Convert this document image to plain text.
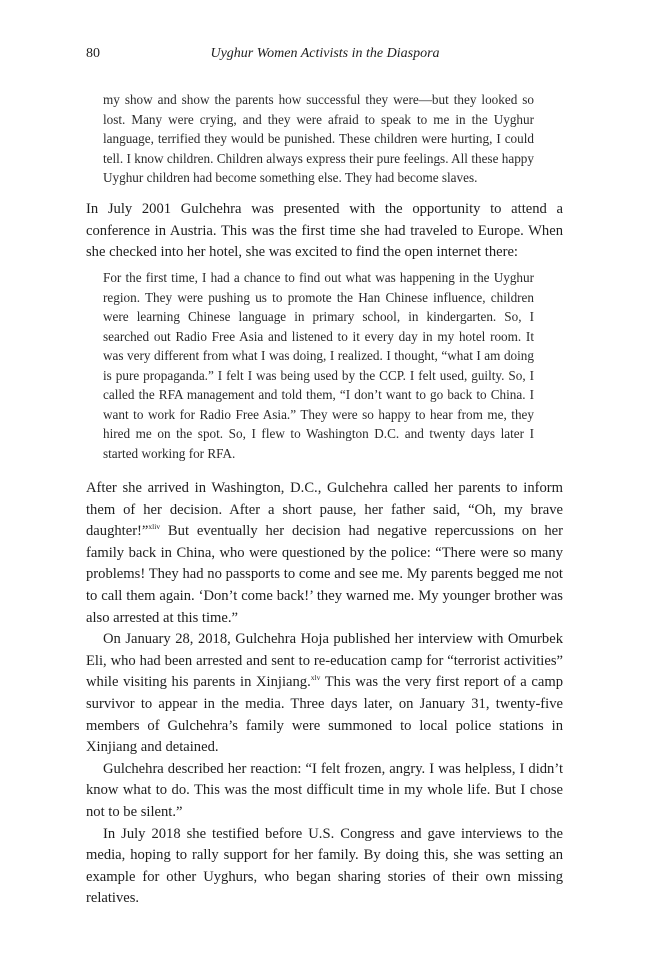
80	Uyghur Women Activists in the Diaspora

my show and show the parents how successful they were—but they looked so lost. Many were crying, and they were afraid to speak to me in the Uyghur language, terrified they would be punished. These children were hurting, I could tell. I know children. Children always express their pure feelings. All these happy Uyghur children had become something else. They had become slaves.

In July 2001 Gulchehra was presented with the opportunity to attend a conference in Austria. This was the first time she had traveled to Europe. When she checked into her hotel, she was excited to find the open internet there:

For the first time, I had a chance to find out what was happening in the Uyghur region. They were pushing us to promote the Han Chinese influence, children were learning Chinese language in primary school, in kindergarten. So, I searched out Radio Free Asia and listened to it every day in my hotel room. It was very different from what I was doing, I realized. I thought, “what I am doing is pure propaganda.” I felt I was being used by the CCP. I felt used, guilty. So, I called the RFA management and told them, “I don’t want to go back to China. I want to work for Radio Free Asia.” They were so happy to hear from me, they hired me on the spot. So, I flew to Washington D.C. and twenty days later I started working for RFA.

After she arrived in Washington, D.C., Gulchehra called her parents to inform them of her decision. After a short pause, her father said, “Oh, my brave daughter!”$^{xliv}$ But eventually her decision had negative repercussions on her family back in China, who were questioned by the police: “There were so many problems! They had no passports to come and see me. My parents begged me not to call them again. ‘Don’t come back!’ they warned me. My younger brother was also arrested at this time.”

On January 28, 2018, Gulchehra Hoja published her interview with Omurbek Eli, who had been arrested and sent to re-education camp for “terrorist activities” while visiting his parents in Xinjiang.$^{xlv}$ This was the very first report of a camp survivor to appear in the media. Three days later, on January 31, twenty-five members of Gulchehra’s family were summoned to local police stations in Xinjiang and detained.

Gulchehra described her reaction: “I felt frozen, angry. I was helpless, I didn’t know what to do. This was the most difficult time in my whole life. But I chose not to be silent.”

In July 2018 she testified before U.S. Congress and gave interviews to the media, hoping to rally support for her family. By doing this, she was setting an example for other Uyghurs, who began sharing stories of their own missing relatives.
